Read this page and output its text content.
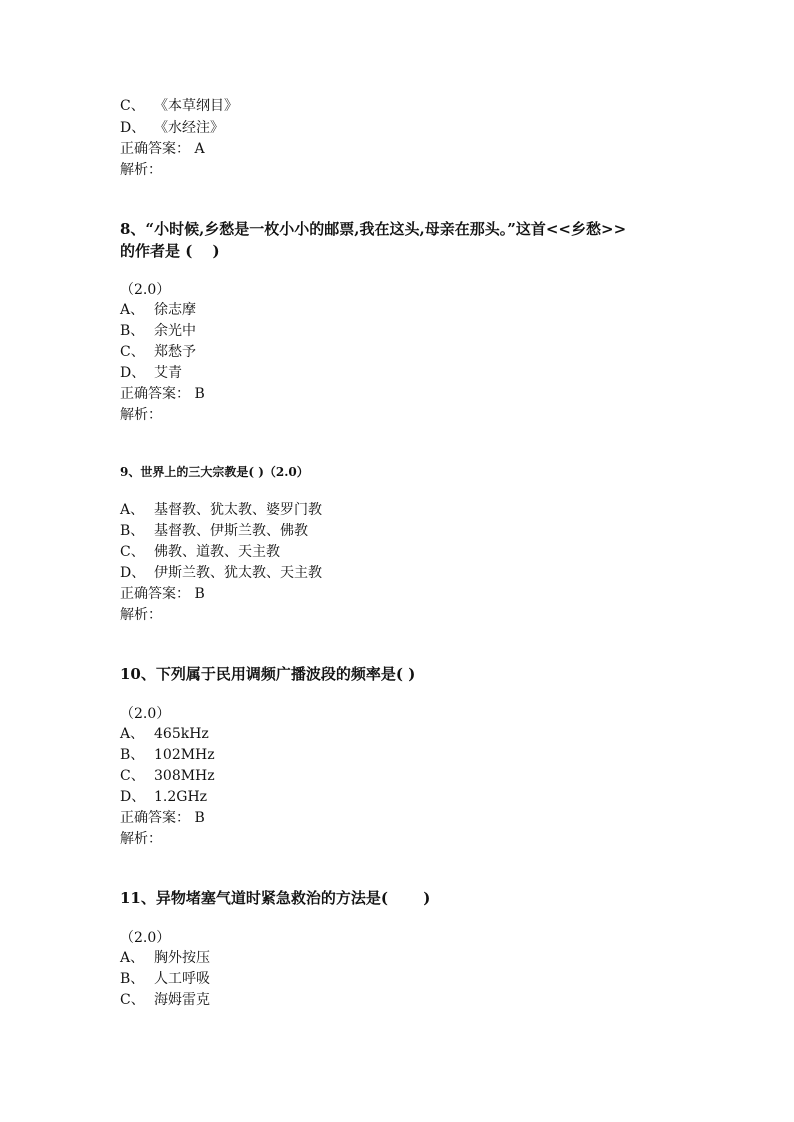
C、 《本草纲目》
D、 《水经注》
正确答案： A
解析：
8、“小时候,乡愁是一枚小小的邮票,我在这头,母亲在那头。”这首<<乡愁>>
的作者是 (　 )
（2.0）
A、 徐志摩
B、 余光中
C、 郑愁予
D、 艾青
正确答案： B
解析：
9、世界上的三大宗教是( )（2.0）
A、 基督教、犹太教、婆罗门教
B、 基督教、伊斯兰教、佛教
C、 佛教、道教、天主教
D、 伊斯兰教、犹太教、天主教
正确答案： B
解析：
10、下列属于民用调频广播波段的频率是( )
（2.0）
A、 465kHz
B、 102MHz
C、 308MHz
D、 1.2GHz
正确答案： B
解析：
11、异物堵塞气道时紧急救治的方法是(　　 )
（2.0）
A、 胸外按压
B、 人工呼吸
C、 海姆雷克
